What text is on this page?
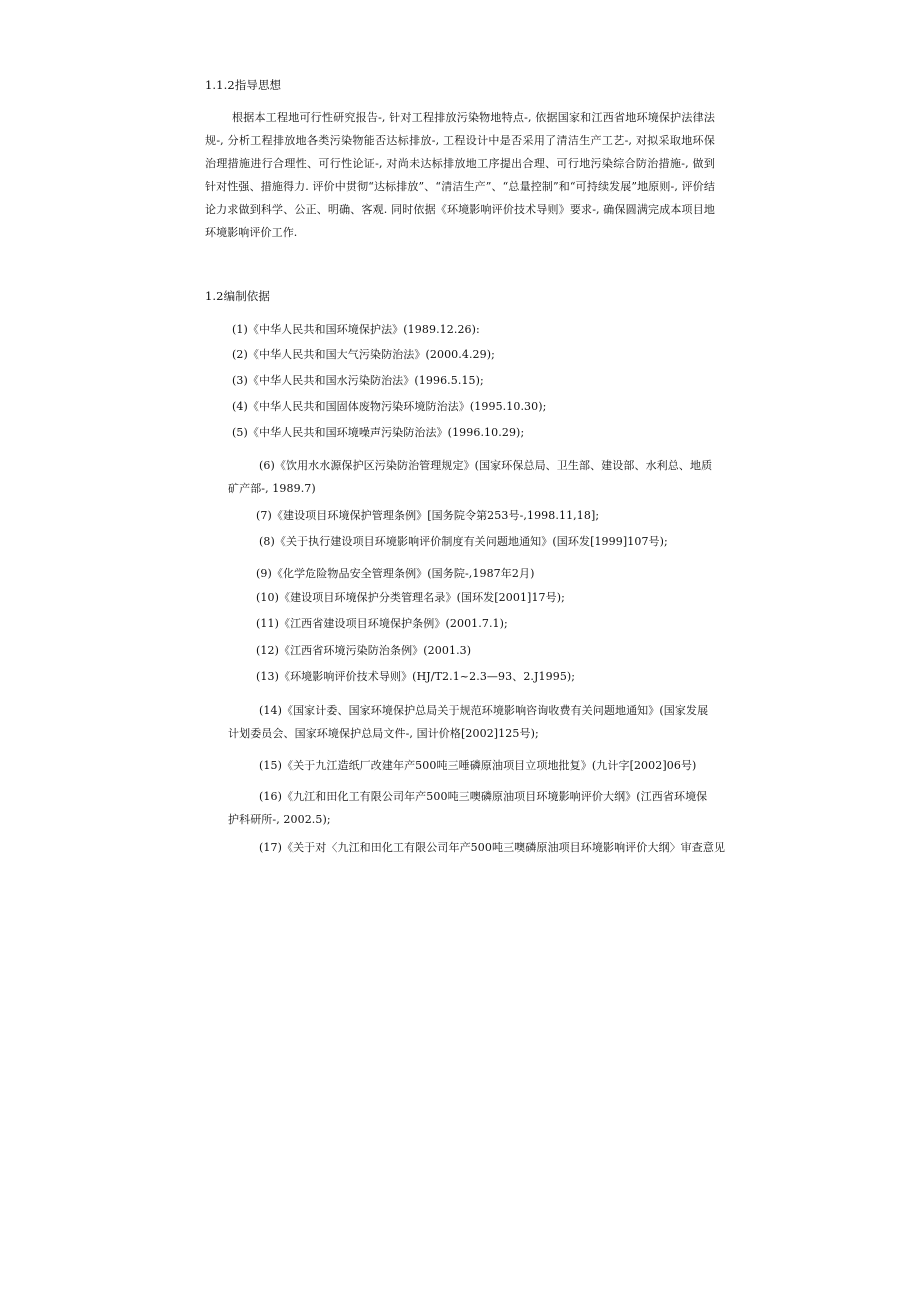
1.1.2指导思想
根据本工程地可行性研究报告-, 针对工程排放污染物地特点-, 依据国家和江西省地环境保护法律法规-, 分析工程排放地各类污染物能否达标排放-, 工程设计中是否采用了清洁生产工艺-, 对拟采取地环保治理措施进行合理性、可行性论证-, 对尚未达标排放地工序提出合理、可行地污染综合防治措施-, 做到针对性强、措施得力. 评价中贯彻“达标排放”、“清洁生产”、“总量控制”和“可持续发展”地原则-, 评价结论力求做到科学、公正、明确、客观. 同时依据《环境影响评价技术导则》要求-, 确保圆满完成本项目地环境影响评价工作.
1.2编制依据
(1)《中华人民共和国环境保护法》(1989.12.26):
(2)《中华人民共和国大气污染防治法》(2000.4.29);
(3)《中华人民共和国水污染防治法》(1996.5.15);
(4)《中华人民共和国固体废物污染环境防治法》(1995.10.30);
(5)《中华人民共和国环境噪声污染防治法》(1996.10.29);
(6)《饮用水水源保护区污染防治管理规定》(国家环保总局、卫生部、建设部、水利总、地质矿产部-, 1989.7)
(7)《建设项目环境保护管理条例》[国务院令第253号-,1998.11,18];
(8)《关于执行建设项目环境影响评价制度有关问题地通知》(国环发[1999]107号);
(9)《化学危险物品安全管理条例》(国务院-,1987年2月)
(10)《建设项目环境保护分类管理名录》(国环发[2001]17号);
(11)《江西省建设项目环境保护条例》(2001.7.1);
(12)《江西省环境污染防治条例》(2001.3)
(13)《环境影响评价技术导则》(HJ/T2.1~2.3—93、2.J1995);
(14)《国家计委、国家环境保护总局关于规范环境影响咨询收费有关问题地通知》(国家发展计划委员会、国家环境保护总局文件-, 国计价格[2002]125号);
(15)《关于九江造纸厂改建年产500吨三唾磷原油项目立项地批复》(九计字[2002]06号)
(16)《九江和田化工有限公司年产500吨三噢磷原油项目环境影响评价大纲》(江西省环境保护科研所-, 2002.5);
(17)《关于对〈九江和田化工有限公司年产500吨三噢磷原油项目环境影响评价大纲〉审查意见
